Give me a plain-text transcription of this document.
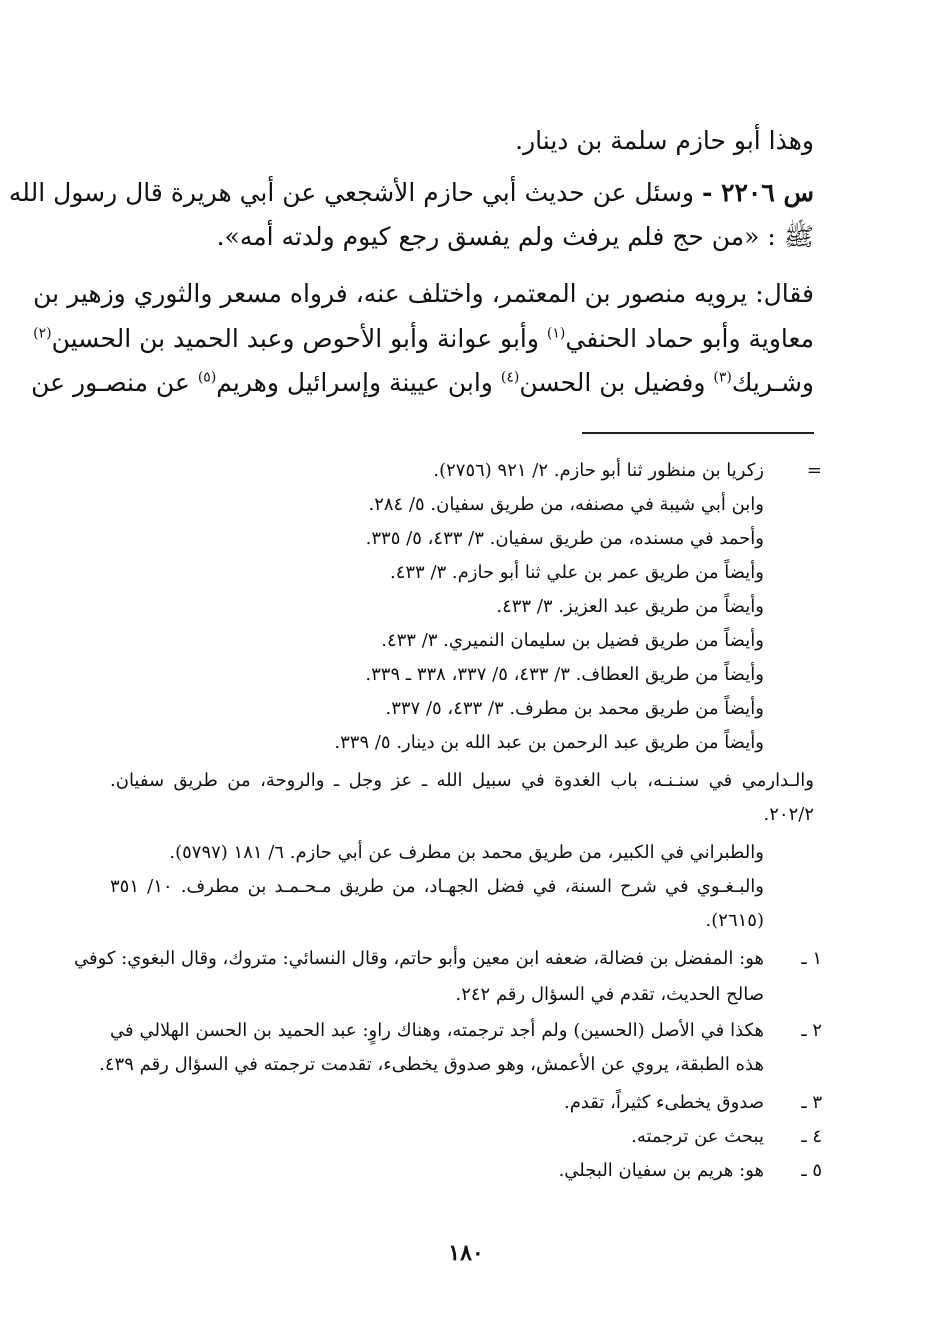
وهذا أبو حازم سلمة بن دينار.
س ٢٢٠٦ - وسئل عن حديث أبي حازم الأشجعي عن أبي هريرة قال رسول الله
ﷺ : «من حج فلم يرفث ولم يفسق رجع كيوم ولدته أمه».
فقال: يرويه منصور بن المعتمر، واختلف عنه، فرواه مسعر والثوري وزهير بن
معاوية وأبو حماد الحنفي$^{(١)}$ وأبو عوانة وأبو الأحوص وعبد الحميد بن الحسين$^{(٢)}$
وشـريك$^{(٣)}$ وفضيل بن الحسن$^{(٤)}$ وابن عيينة وإسرائيل وهريم$^{(٥)}$ عن منصـور عن
=
زكريا بن منظور ثنا أبو حازم. ٢/ ٩٢١ (٢٧٥٦).
وابن أبي شيبة في مصنفه، من طريق سفيان. ٥/ ٢٨٤.
وأحمد في مسنده، من طريق سفيان. ٣/ ٤٣٣، ٥/ ٣٣٥.
وأيضاً من طريق عمر بن علي ثنا أبو حازم. ٣/ ٤٣٣.
وأيضاً من طريق عبد العزيز. ٣/ ٤٣٣.
وأيضاً من طريق فضيل بن سليمان النميري. ٣/ ٤٣٣.
وأيضاً من طريق العطاف. ٣/ ٤٣٣، ٥/ ٣٣٧، ٣٣٨ ـ ٣٣٩.
وأيضاً من طريق محمد بن مطرف. ٣/ ٤٣٣، ٥/ ٣٣٧.
وأيضاً من طريق عبد الرحمن بن عبد الله بن دينار. ٥/ ٣٣٩.
والـدارمي في سنـنـه، باب الغدوة في سبيل الله ـ عز وجل ـ والروحة، من طريق سفيان.
٢٠٢/٢.
والطبراني في الكبير، من طريق محمد بن مطرف عن أبي حازم. ٦/ ١٨١ (٥٧٩٧).
والبـغـوي في شرح السنة، في فضل الجهـاد، من طريق مـحـمـد بن مطرف. ١٠/ ٣٥١
(٢٦١٥).
١ ـ
هو: المفضل بن فضالة، ضعفه ابن معين وأبو حاتم، وقال النسائي: متروك، وقال البغوي: كوفي
صالح الحديث، تقدم في السؤال رقم ٢٤٢.
٢ ـ
هكذا في الأصل (الحسين) ولم أجد ترجمته، وهناك راوٍ: عبد الحميد بن الحسن الهلالي في
هذه الطبقة، يروي عن الأعمش، وهو صدوق يخطىء، تقدمت ترجمته في السؤال رقم ٤٣٩.
٣ ـ
صدوق يخطىء كثيراً، تقدم.
٤ ـ
يبحث عن ترجمته.
٥ ـ
هو: هريم بن سفيان البجلي.
١٨٠
